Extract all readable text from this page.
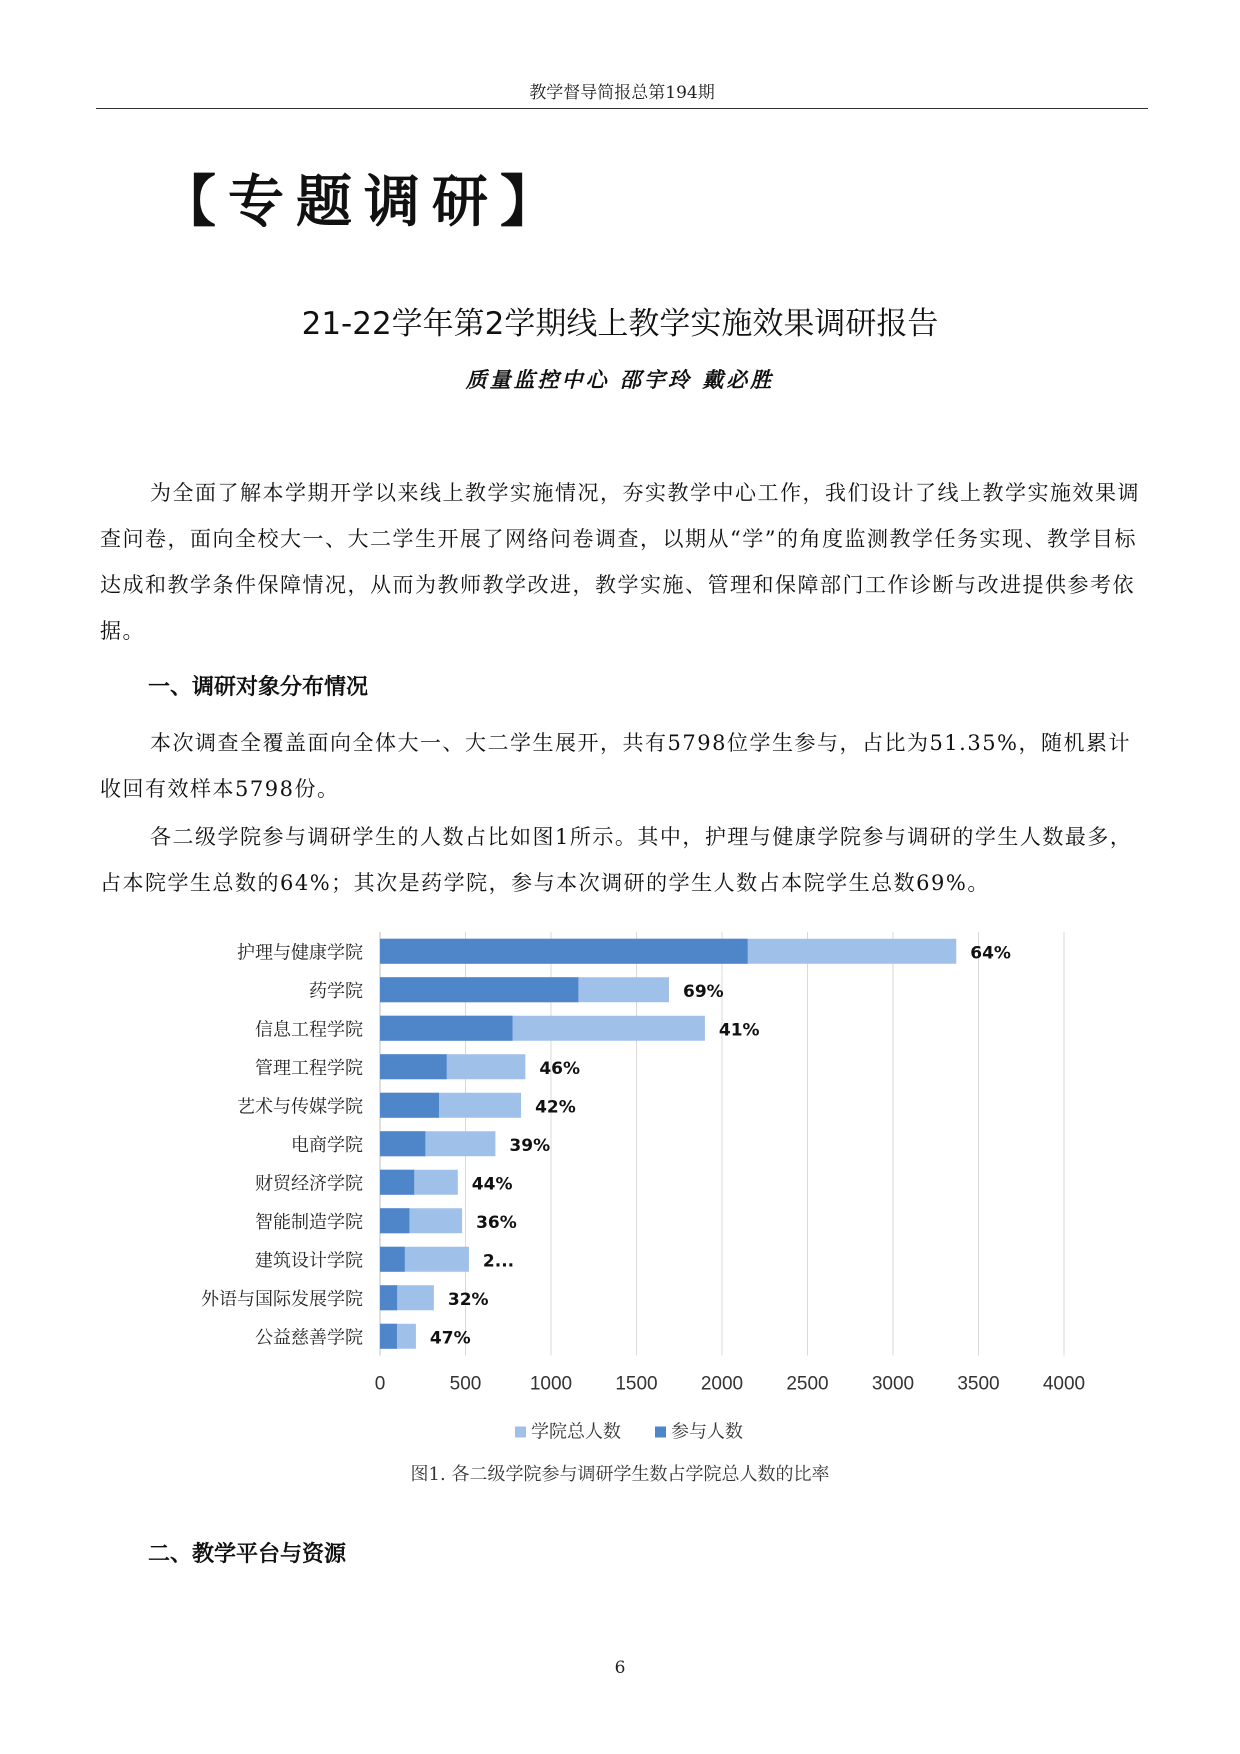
教学督导简报总第194期
【专题调研】
21-22学年第2学期线上教学实施效果调研报告
质量监控中心 邵宇玲 戴必胜

为全面了解本学期开学以来线上教学实施情况，夯实教学中心工作，我们设计了线上教学实施效果调查问卷，面向全校大一、大二学生开展了网络问卷调查，以期从“学”的角度监测教学任务实现、教学目标达成和教学条件保障情况，从而为教师教学改进，教学实施、管理和保障部门工作诊断与改进提供参考依据。

一、调研对象分布情况

本次调查全覆盖面向全体大一、大二学生展开，共有5798位学生参与，占比为51.35%，随机累计收回有效样本5798份。

各二级学院参与调研学生的人数占比如图1所示。其中，护理与健康学院参与调研的学生人数最多，占本院学生总数的64%；其次是药学院，参与本次调研的学生人数占本院学生总数69%。

0	500	1000 1500 2000 2500 3000 3500 4000
护理与健康学院	64%
药学院	69%
信息工程学院	41%
管理工程学院	46%
艺术与传媒学院	42%
电商学院	39%
财贸经济学院	44%
智能制造学院	36%
建筑设计学院	2...
外语与国际发展学院	32%
公益慈善学院	47%
学院总人数	参与人数
图1. 各二级学院参与调研学生数占学院总人数的比率
二、教学平台与资源
6
